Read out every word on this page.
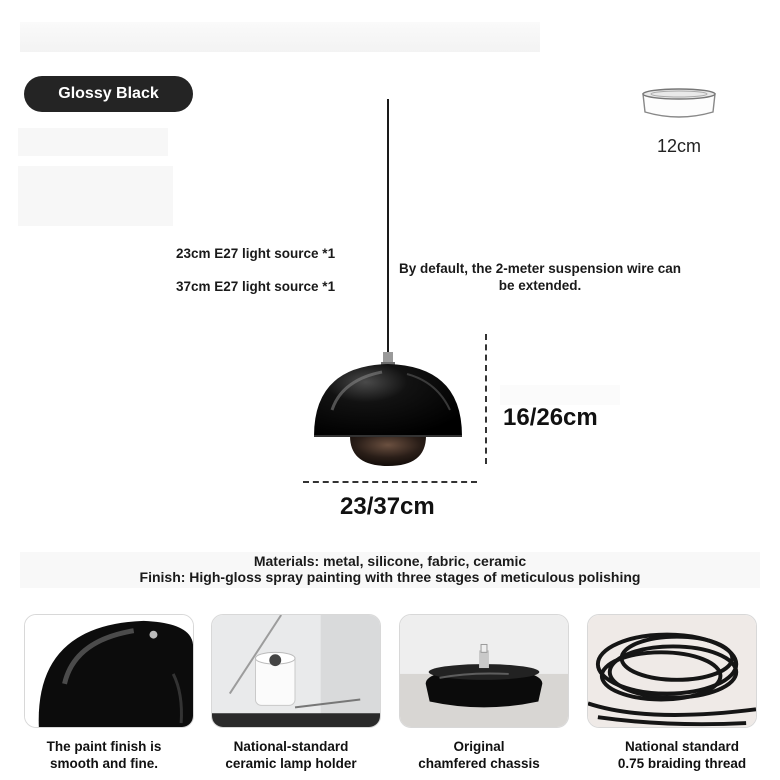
Glossy Black
12cm
23cm E27 light source *1
37cm E27 light source *1
By default, the 2-meter suspension wire can be extended.
16/26cm
23/37cm
Materials: metal, silicone, fabric, ceramic
Finish: High-gloss spray painting with three stages of meticulous polishing
The paint finish is
smooth and fine.
National-standard
ceramic lamp holder
Original
chamfered chassis
National standard
0.75 braiding thread
